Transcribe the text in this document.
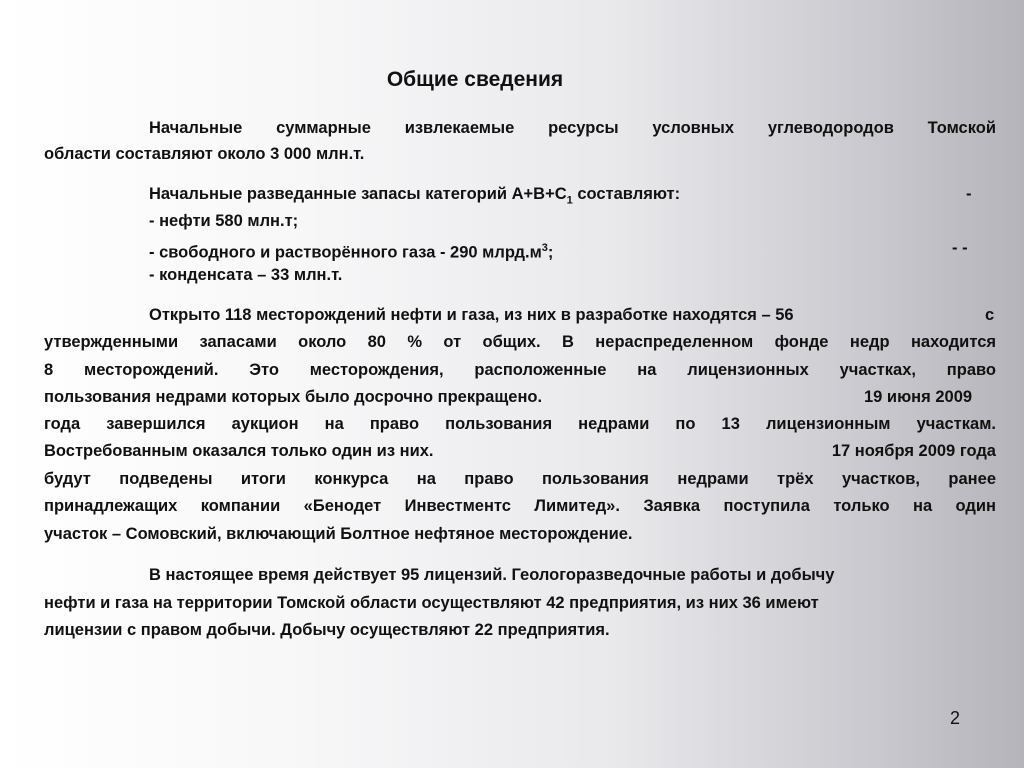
Общие сведения
Начальные суммарные извлекаемые ресурсы условных углеводородов Томской
области составляют около 3 000 млн.т.
Начальные разведанные запасы категорий $А+В+С_1$ составляют:	-
- нефти 580 млн.т;
- свободного и растворённого газа - 290 $млрд.м^3$;	- -
- конденсата – 33 млн.т.
Открыто 118 месторождений нефти и газа, из них в разработке находятся – 56	с
утвержденными запасами около 80 % от общих. В нераспределенном фонде недр находится
8 месторождений. Это месторождения, расположенные на лицензионных участках, право
пользования недрами которых было досрочно прекращено.	19 июня 2009
года завершился аукцион на право пользования недрами по 13 лицензионным участкам.
Востребованным оказался только один из них.	17 ноября 2009 года
будут подведены итоги конкурса на право пользования недрами трёх участков, ранее
принадлежащих компании «Бенодет Инвестментс Лимитед». Заявка поступила только на один
участок – Сомовский, включающий Болтное нефтяное месторождение.
В настоящее время действует 95 лицензий. Геологоразведочные работы и добычу
нефти и газа на территории Томской области осуществляют 42 предприятия, из них 36 имеют
лицензии с правом добычи. Добычу осуществляют 22 предприятия.
2
